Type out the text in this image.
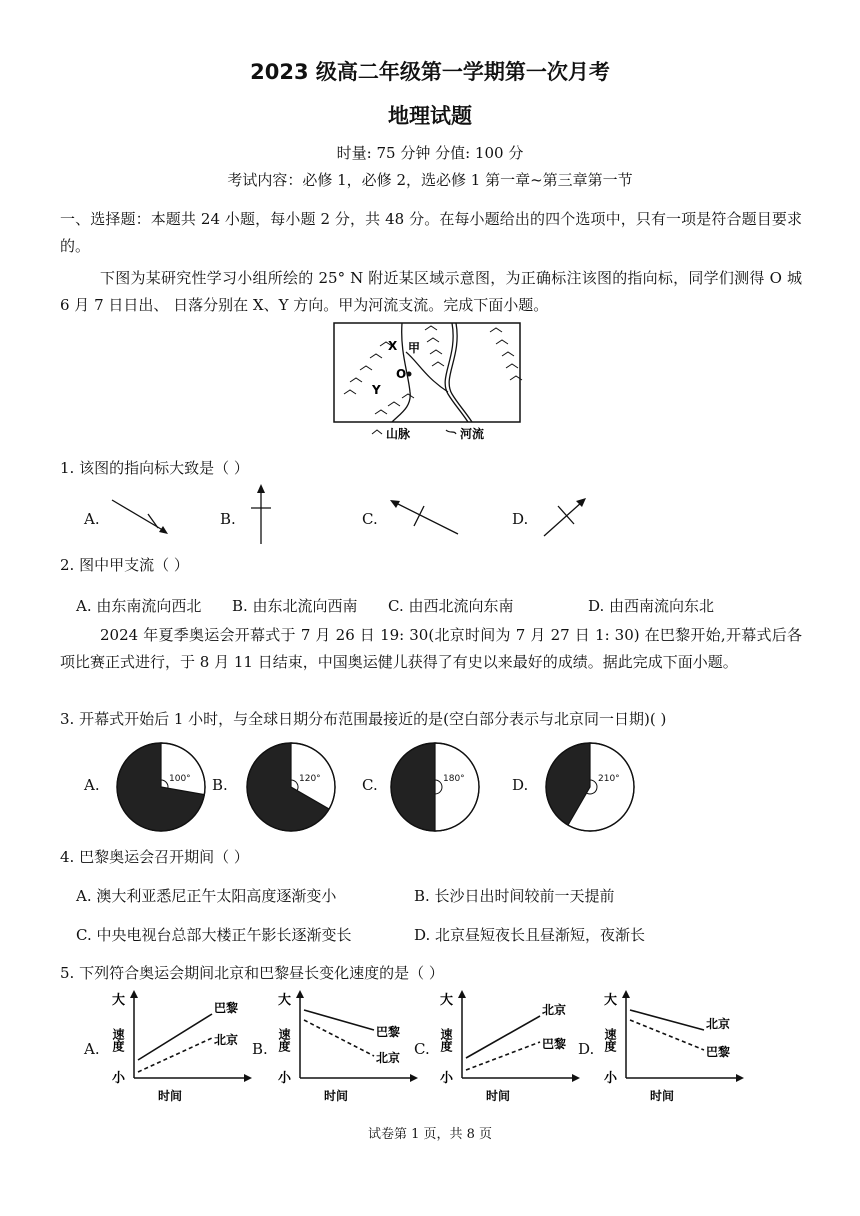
2023 级高二年级第一学期第一次月考
地理试题
时量: 75 分钟 分值: 100 分
考试内容：必修 1，必修 2，选必修 1 第一章~第三章第一节
一、选择题：本题共 24 小题，每小题 2 分，共 48 分。在每小题给出的四个选项中，只有一项是符合题目要求的。
下图为某研究性学习小组所绘的 25° N 附近某区域示意图，为正确标注该图的指向标，同学们测得 O 城 6 月 7 日日出、 日落分别在 X、Y 方向。甲为河流支流。完成下面小题。
X 甲
O
Y
山脉	河流
1. 该图的指向标大致是（ ）
A.	B.	C.	D.
2. 图中甲支流（ ）
A. 由东南流向西北 B. 由东北流向西南 C. 由西北流向东南	D. 由西南流向东北
2024 年夏季奥运会开幕式于 7 月 26 日 19: 30(北京时间为 7 月 27 日 1: 30) 在巴黎开始,开幕式后各项比赛正式进行，于 8 月 11 日结束，中国奥运健儿获得了有史以来最好的成绩。据此完成下面小题。
3. 开幕式开始后 1 小时，与全球日期分布范围最接近的是(空白部分表示与北京同一日期)( )
A.	100° B.	120°	C.	180°	D.	210°
4. 巴黎奥运会召开期间（ ）
A. 澳大利亚悉尼正午太阳高度逐渐变小	B. 长沙日出时间较前一天提前
C. 中央电视台总部大楼正午影长逐渐变长	D. 北京昼短夜长且昼渐短，夜渐长
5. 下列符合奥运会期间北京和巴黎昼长变化速度的是（ ）
A.
大
小
速度
时间
巴黎
北京 B.
大
小
速度
时间
巴黎
北京 C.
大
小
速度
时间
北京
巴黎 D.
大
小
速度
时间
北京
巴黎
试卷第 1 页，共 8 页
